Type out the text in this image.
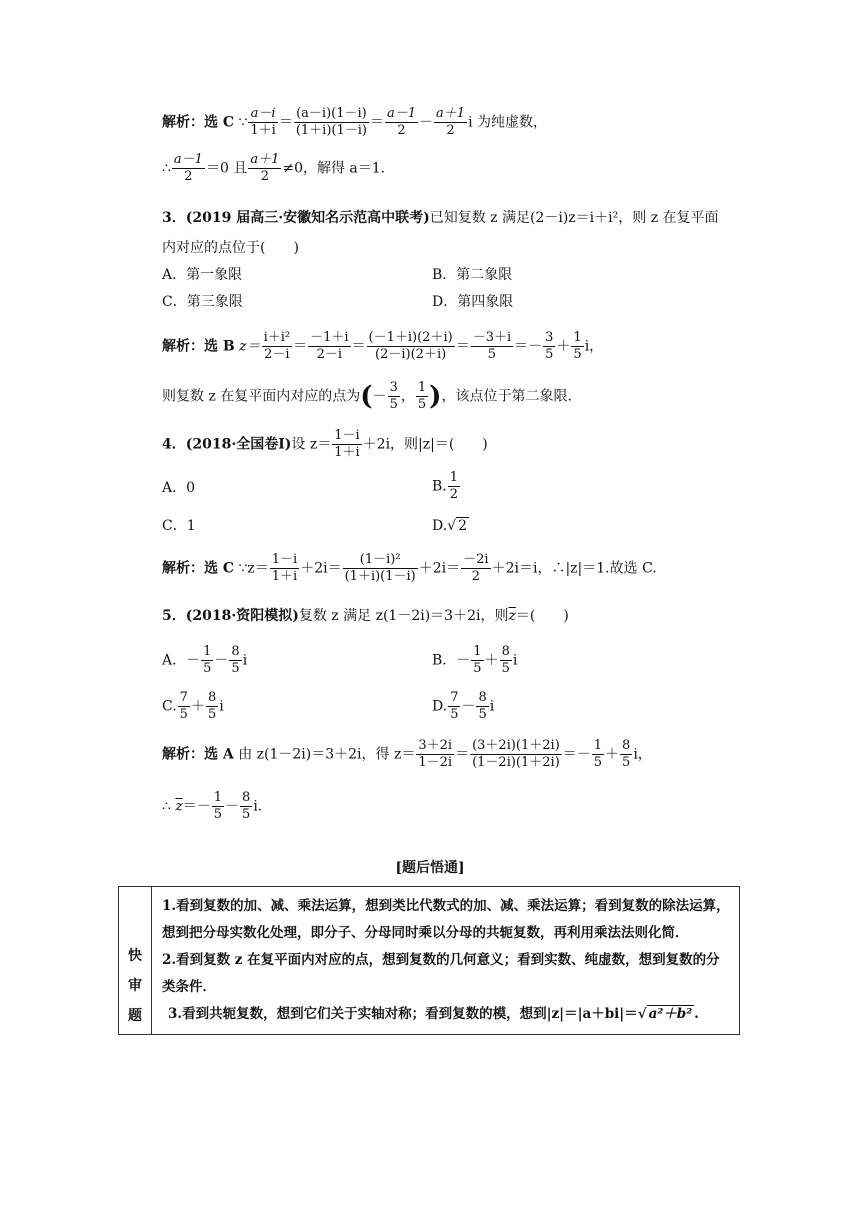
解析：选 C ∵ $\frac{a-i}{1+i} = \frac{(a-i)(1-i)}{(1+i)(1-i)} = \frac{a-1}{2} - \frac{a+1}{2}$ i 为纯虚数，
∴ $\frac{a-1}{2} =0$ 且 $\frac{a+1}{2} \ne 0$，解得 a＝1.
3．(2019 届高三·安徽知名示范高中联考)已知复数 z 满足(2－i)z＝i＋i²，则 z 在复平面
内对应的点位于(　　)
A．第一象限	B．第二象限
C．第三象限	D．第四象限
解析：选 B $z= \frac{\text{i＋i²}}{2-i} = \frac{-1+i}{2-i} = \frac{(-1+i)(2+i)}{(2-i)(2+i)} = \frac{-3+i}{5} =- \frac{3}{5} + \frac{1}{5}$ i，
则复数 z 在复平面内对应的点为(－ $\frac{3}{5}$ ， $\frac{1}{5}$ )，该点位于第二象限.
4．(2018·全国卷Ⅰ)设 $z= \frac{1-i}{1+i} +2i$，则|z|＝(　　)
A．0	B. $\frac{1}{2}$
C．1	D.√ 2
解析：选 C ∵z＝ $\frac{1-i}{1+i} +2i= \frac{\text{(1－i)²}}{(1+i)(1-i)} +2i= \frac{-2i}{2} +2i=i$，∴|z|＝1.故选 C.
5．(2018·资阳模拟)复数 z 满足 z(1－2i)＝3＋2i，则$\overline{z}=$(　　)
A．－ $\frac{1}{5} - \frac{8}{5}$ i	B．－ $\frac{1}{5} + \frac{8}{5}$ i
C. $\frac{7}{5} + \frac{8}{5}$ i	D. $\frac{7}{5} - \frac{8}{5}$ i
解析：选 A 由 z(1－2i)＝3＋2i，得 $z= \frac{3+2i}{1-2i} = \frac{(3+2i)(1+2i)}{(1-2i)(1+2i)} =- \frac{1}{5} + \frac{8}{5}$ i，
∴ $\overline{z}=- \frac{1}{5} - \frac{8}{5} i$.
[题后悟通]
快
审
题

1.看到复数的加、减、乘法运算，想到类比代数式的加、减、乘法运算；看到复数的除法运算，想到把分母实数化处理，即分子、分母同时乘以分母的共轭复数，再利用乘法法则化简．

2.看到复数 z 在复平面内对应的点，想到复数的几何意义；看到实数、纯虚数，想到复数的分类条件．

3.看到共轭复数，想到它们关于实轴对称；看到复数的模，想到|z|＝|a＋bi|＝√ a²＋b² .
